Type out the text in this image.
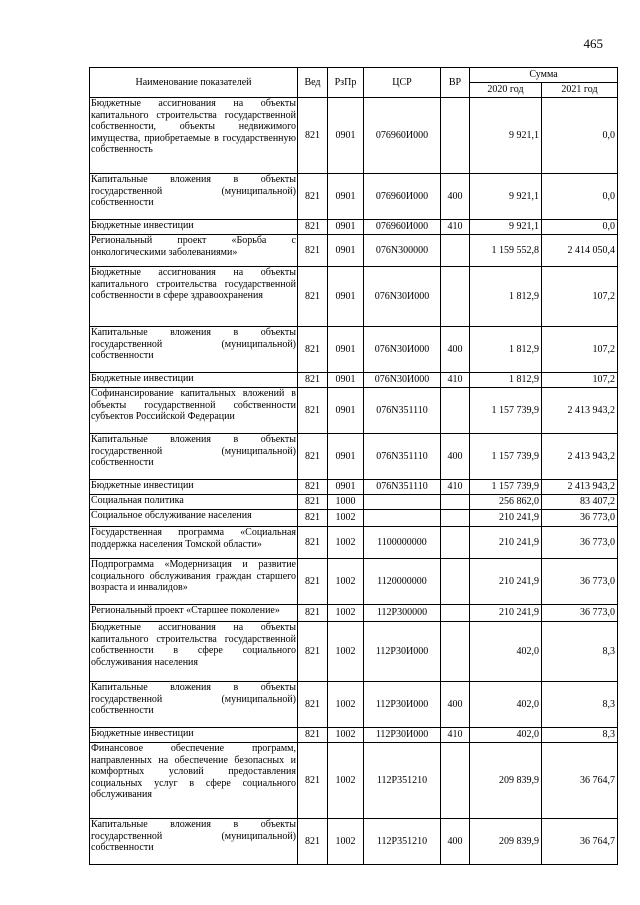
465
Наименование показателей	Вед	РзПр	ЦСР	ВР	Сумма	
					2020 год	2021 год
Бюджетные ассигнования на объекты капитального строительства государственной собственности, объекты недвижимого имущества, приобретаемые в государственную собственность	821	0901	076960И000		9 921,1	0,0
Капитальные вложения в объекты государственной (муниципальной) собственности	821	0901	076960И000	400	9 921,1	0,0
Бюджетные инвестиции	821	0901	076960И000	410	9 921,1	0,0
Региональный проект «Борьба с онкологическими заболеваниями»	821	0901	076N300000		1 159 552,8	2 414 050,4
Бюджетные ассигнования на объекты капитального строительства государственной собственности в сфере здравоохранения	821	0901	076N30И000		1 812,9	107,2
Капитальные вложения в объекты государственной (муниципальной) собственности	821	0901	076N30И000	400	1 812,9	107,2
Бюджетные инвестиции	821	0901	076N30И000	410	1 812,9	107,2
Софинансирование капитальных вложений в объекты государственной собственности субъектов Российской Федерации	821	0901	076N351110		1 157 739,9	2 413 943,2
Капитальные вложения в объекты государственной (муниципальной) собственности	821	0901	076N351110	400	1 157 739,9	2 413 943,2
Бюджетные инвестиции	821	0901	076N351110	410	1 157 739,9	2 413 943,2
Социальная политика	821	1000			256 862,0	83 407,2
Социальное обслуживание населения	821	1002			210 241,9	36 773,0
Государственная программа «Социальная поддержка населения Томской области»	821	1002	1100000000		210 241,9	36 773,0
Подпрограмма «Модернизация и развитие социального обслуживания граждан старшего возраста и инвалидов»	821	1002	1120000000		210 241,9	36 773,0
Региональный проект «Старшее поколение»	821	1002	112P300000		210 241,9	36 773,0
Бюджетные ассигнования на объекты капитального строительства государственной собственности в сфере социального обслуживания населения	821	1002	112P30И000		402,0	8,3
Капитальные вложения в объекты государственной (муниципальной) собственности	821	1002	112P30И000	400	402,0	8,3
Бюджетные инвестиции	821	1002	112P30И000	410	402,0	8,3
Финансовое обеспечение программ, направленных на обеспечение безопасных и комфортных условий предоставления социальных услуг в сфере социального обслуживания	821	1002	112P351210		209 839,9	36 764,7
Капитальные вложения в объекты государственной (муниципальной) собственности	821	1002	112P351210	400	209 839,9	36 764,7
